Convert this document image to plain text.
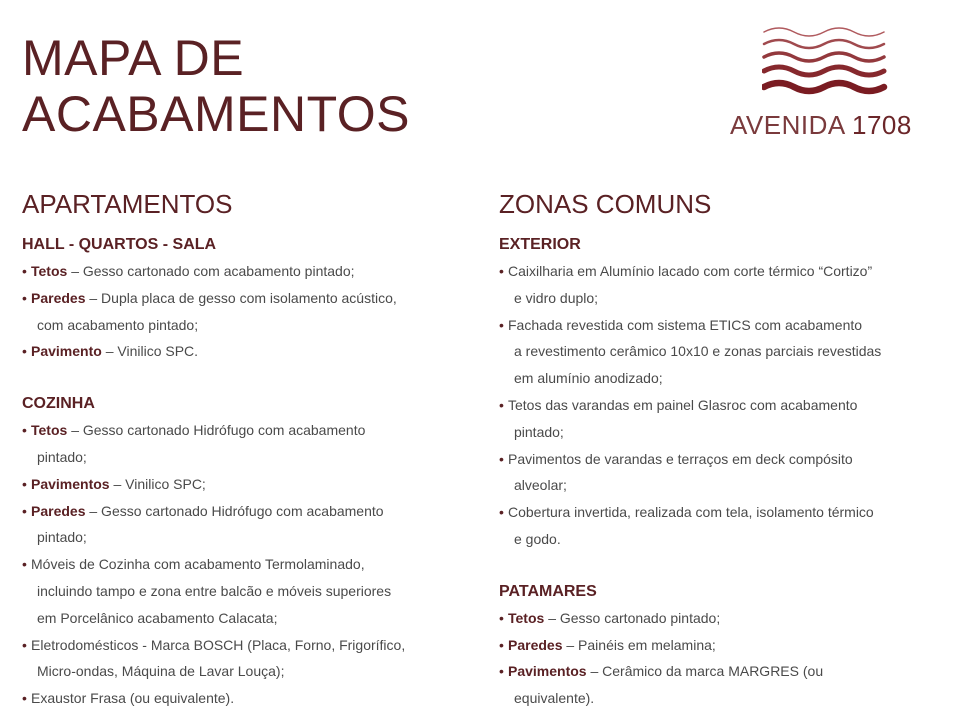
MAPA DE
ACABAMENTOS	AVENIDA 1708
APARTAMENTOS
HALL - QUARTOS - SALA
• Tetos – Gesso cartonado com acabamento pintado;
• Paredes – Dupla placa de gesso com isolamento acústico,
com acabamento pintado;
• Pavimento – Vinilico SPC.
COZINHA
• Tetos – Gesso cartonado Hidrófugo com acabamento
pintado;
• Pavimentos – Vinilico SPC;
• Paredes – Gesso cartonado Hidrófugo com acabamento
pintado;
• Móveis de Cozinha com acabamento Termolaminado,
incluindo tampo e zona entre balcão e móveis superiores
em Porcelânico acabamento Calacata;
• Eletrodomésticos - Marca BOSCH (Placa, Forno, Frigorífico,
Micro-ondas, Máquina de Lavar Louça);
• Exaustor Frasa (ou equivalente).
ZONAS COMUNS
EXTERIOR
• Caixilharia em Alumínio lacado com corte térmico “Cortizo”
e vidro duplo;
• Fachada revestida com sistema ETICS com acabamento
a revestimento cerâmico 10x10 e zonas parciais revestidas
em alumínio anodizado;
• Tetos das varandas em painel Glasroc com acabamento
pintado;
• Pavimentos de varandas e terraços em deck compósito
alveolar;
• Cobertura invertida, realizada com tela, isolamento térmico
e godo.
PATAMARES
• Tetos – Gesso cartonado pintado;
• Paredes – Painéis em melamina;
• Pavimentos – Cerâmico da marca MARGRES (ou
equivalente).
